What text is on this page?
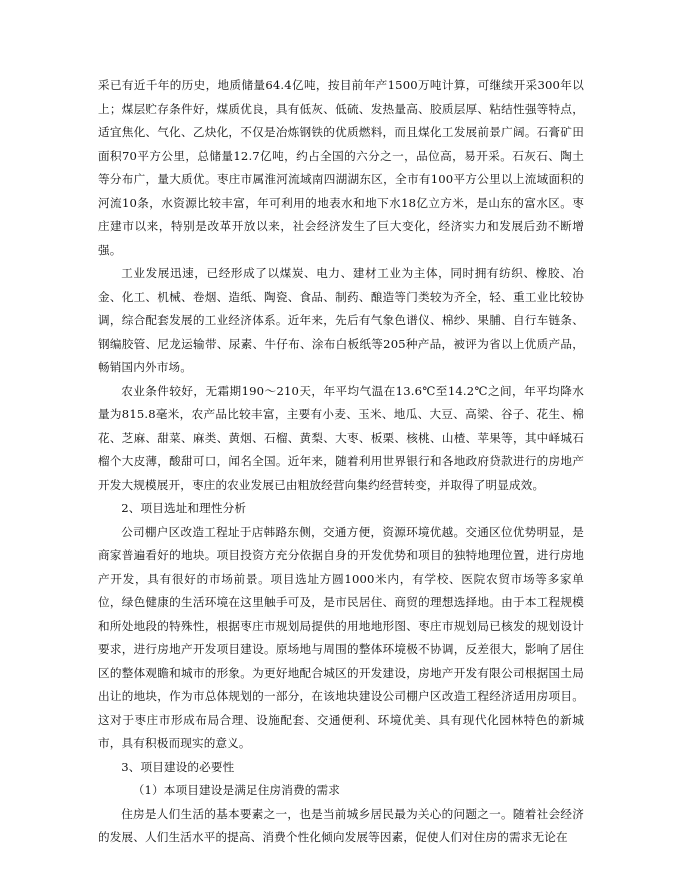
采已有近千年的历史，地质储量64.4亿吨，按目前年产1500万吨计算，可继续开采300年以上；煤层贮存条件好，煤质优良，具有低灰、低硫、发热量高、胶质层厚、粘结性强等特点，适宜焦化、气化、乙炔化，不仅是冶炼钢铁的优质燃料，而且煤化工发展前景广阔。石膏矿田面积70平方公里，总储量12.7亿吨，约占全国的六分之一，品位高，易开采。石灰石、陶土等分布广，量大质优。枣庄市属淮河流域南四湖湖东区，全市有100平方公里以上流域面积的河流10条，水资源比较丰富，年可利用的地表水和地下水18亿立方米，是山东的富水区。枣庄建市以来，特别是改革开放以来，社会经济发生了巨大变化，经济实力和发展后劲不断增强。

工业发展迅速，已经形成了以煤炭、电力、建材工业为主体，同时拥有纺织、橡胶、冶金、化工、机械、卷烟、造纸、陶瓷、食品、制药、酿造等门类较为齐全，轻、重工业比较协调，综合配套发展的工业经济体系。近年来，先后有气象色谱仪、棉纱、果脯、自行车链条、钢编胶管、尼龙运输带、尿素、牛仔布、涂布白板纸等205种产品，被评为省以上优质产品，畅销国内外市场。

农业条件较好，无霜期190～210天，年平均气温在13.6℃至14.2℃之间，年平均降水量为815.8毫米，农产品比较丰富，主要有小麦、玉米、地瓜、大豆、高梁、谷子、花生、棉花、芝麻、甜菜、麻类、黄烟、石榴、黄梨、大枣、板栗、核桃、山楂、苹果等，其中峄城石榴个大皮薄，酸甜可口，闻名全国。近年来，随着利用世界银行和各地政府贷款进行的房地产开发大规模展开，枣庄的农业发展已由粗放经营向集约经营转变，并取得了明显成效。

2、项目选址和理性分析

公司棚户区改造工程址于店韩路东侧，交通方便，资源环境优越。交通区位优势明显，是商家普遍看好的地块。项目投资方充分依据自身的开发优势和项目的独特地理位置，进行房地产开发，具有很好的市场前景。项目选址方圆1000米内，有学校、医院农贸市场等多家单位，绿色健康的生活环境在这里触手可及，是市民居住、商贸的理想选择地。由于本工程规模和所处地段的特殊性，根据枣庄市规划局提供的用地地形图、枣庄市规划局已核发的规划设计要求，进行房地产开发项目建设。原场地与周围的整体环境极不协调，反差很大，影响了居住区的整体观瞻和城市的形象。为更好地配合城区的开发建设，房地产开发有限公司根据国土局出让的地块，作为市总体规划的一部分，在该地块建设公司棚户区改造工程经济适用房项目。这对于枣庄市形成布局合理、设施配套、交通便利、环境优美、具有现代化园林特色的新城市，具有积极而现实的意义。

3、项目建设的必要性

（1）本项目建设是满足住房消费的需求

住房是人们生活的基本要素之一，也是当前城乡居民最为关心的问题之一。随着社会经济的发展、人们生活水平的提高、消费个性化倾向发展等因素，促使人们对住房的需求无论在
